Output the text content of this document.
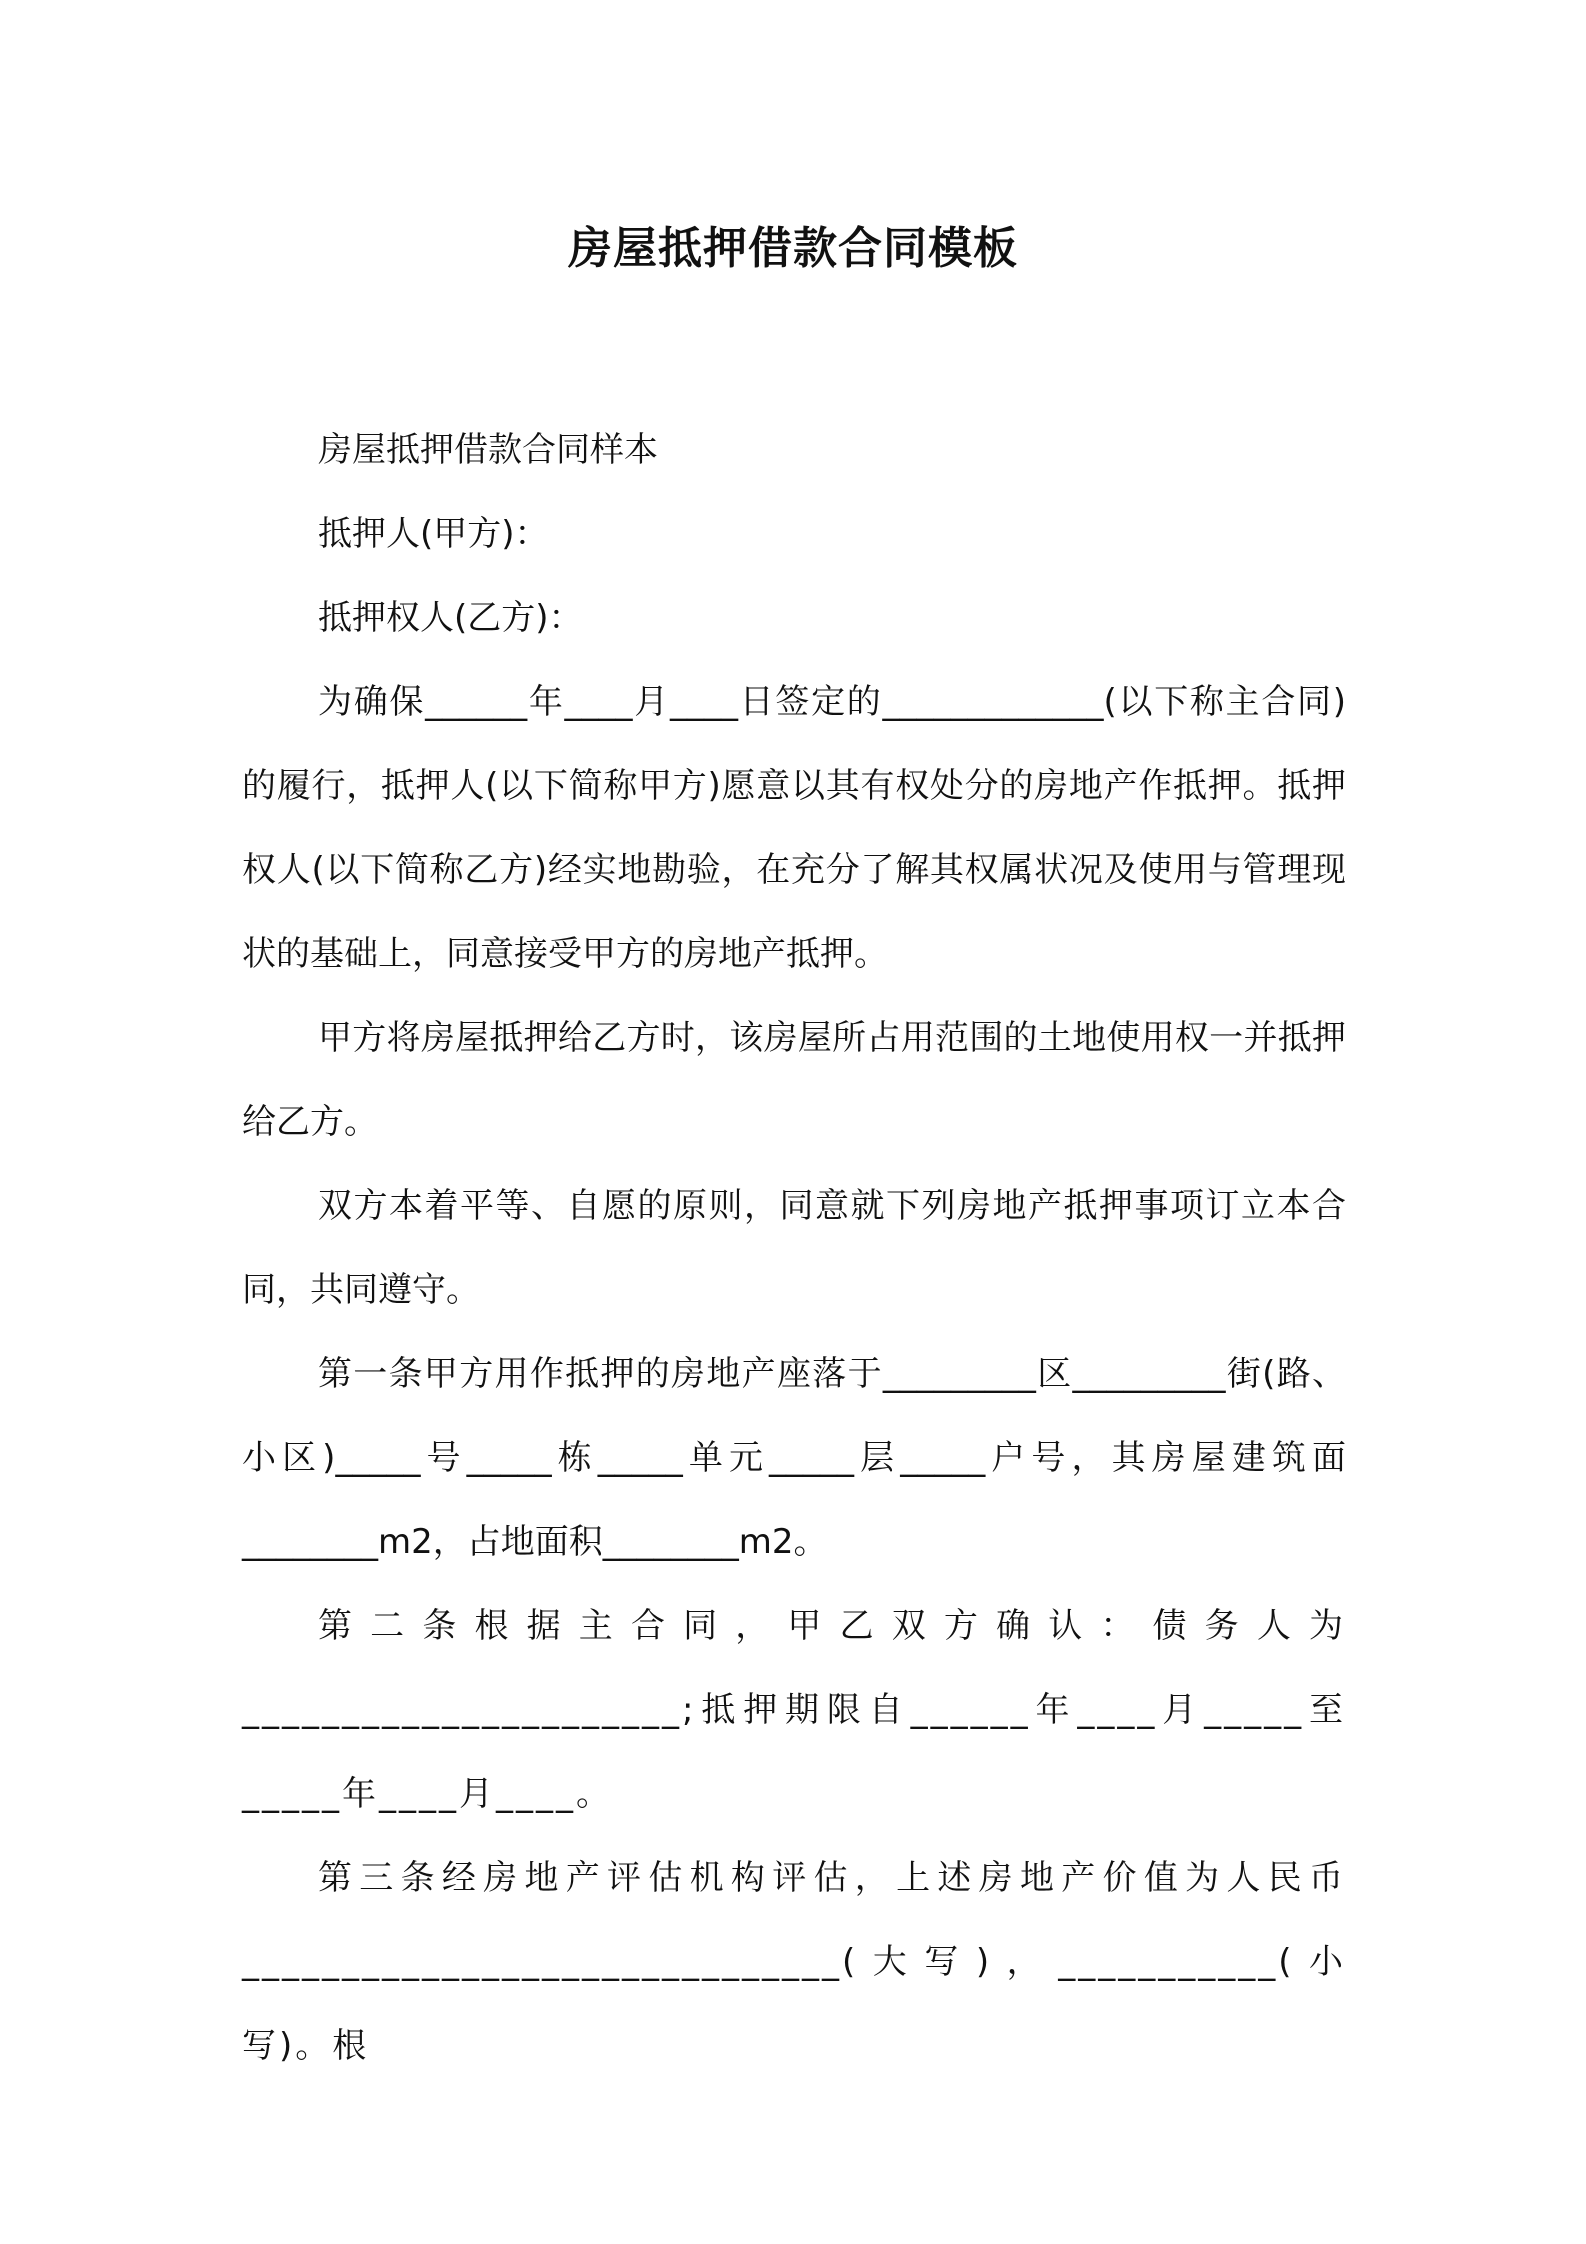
房屋抵押借款合同模板

房屋抵押借款合同样本

抵押人(甲方)：

抵押权人(乙方)：

为确保______年____月____日签定的_____________(以下称主合同)的履行，抵押人(以下简称甲方)愿意以其有权处分的房地产作抵押。抵押权人(以下简称乙方)经实地勘验，在充分了解其权属状况及使用与管理现状的基础上，同意接受甲方的房地产抵押。

甲方将房屋抵押给乙方时，该房屋所占用范围的土地使用权一并抵押给乙方。

双方本着平等、自愿的原则，同意就下列房地产抵押事项订立本合同，共同遵守。

第一条甲方用作抵押的房地产座落于_________区_________街(路、小区)_____号_____栋_____单元_____层_____户号，其房屋建筑面________m2，占地面积________m2。

第二条根据主合同，甲乙双方确认：债务人为______________________;抵押期限自______年____月_____至_____年____月____。

第三条经房地产评估机构评估，上述房地产价值为人民币______________________________(大写)，___________(小写)。根
